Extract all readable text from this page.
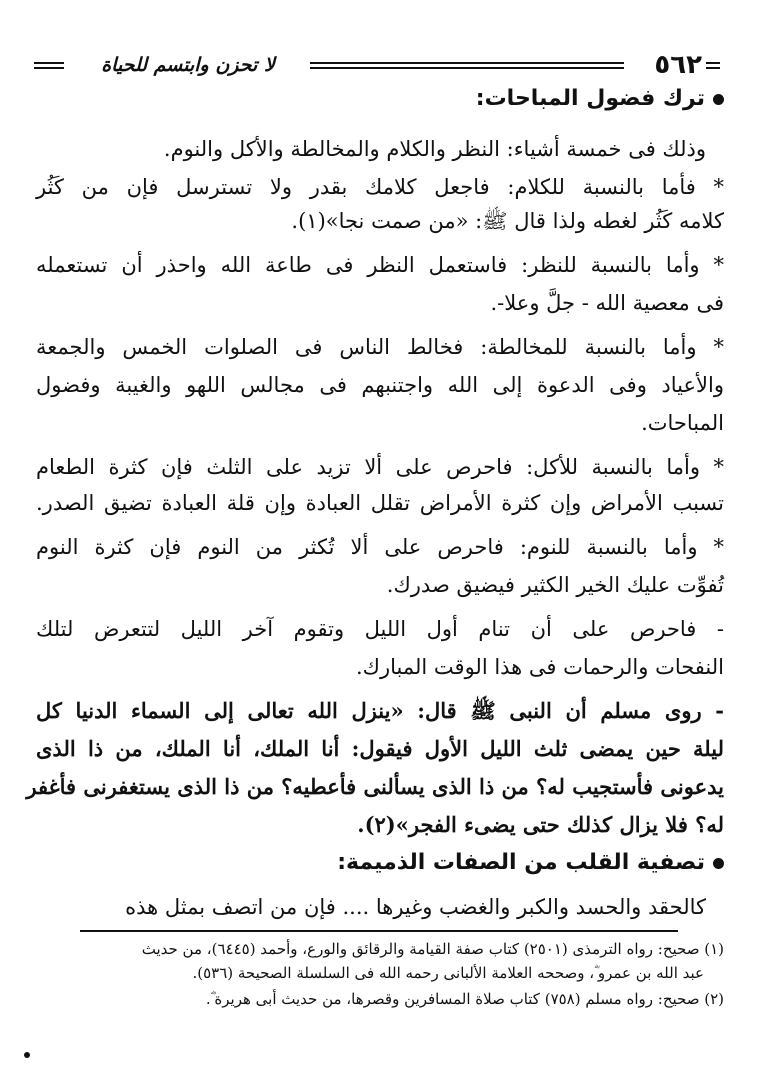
٥٦٢
لا تحزن وابتسم للحياة
ترك فضول المباحات:
وذلك فى خمسة أشياء: النظر والكلام والمخالطة والأكل والنوم.
* فأما بالنسبة للكلام: فاجعل كلامك بقدر ولا تسترسل فإن من كَثُر
كلامه كَثُر لغطه ولذا قال ﷺ: «من صمت نجا»(١).
* وأما بالنسبة للنظر: فاستعمل النظر فى طاعة الله واحذر أن تستعمله
فى معصية الله - جلَّ وعلا-.
* وأما بالنسبة للمخالطة: فخالط الناس فى الصلوات الخمس والجمعة
والأعياد وفى الدعوة إلى الله واجتنبهم فى مجالس اللهو والغيبة وفضول
المباحات.
* وأما بالنسبة للأكل: فاحرص على ألا تزيد على الثلث فإن كثرة الطعام
تسبب الأمراض وإن كثرة الأمراض تقلل العبادة وإن قلة العبادة تضيق الصدر.
* وأما بالنسبة للنوم: فاحرص على ألا تُكثر من النوم فإن كثرة النوم
تُفوِّت عليك الخير الكثير فيضيق صدرك.
- فاحرص على أن تنام أول الليل وتقوم آخر الليل لتتعرض لتلك
النفحات والرحمات فى هذا الوقت المبارك.
- روى مسلم أن النبى ﷺ قال: «ينزل الله تعالى إلى السماء الدنيا كل
ليلة حين يمضى ثلث الليل الأول فيقول: أنا الملك، أنا الملك، من ذا الذى
يدعونى فأستجيب له؟ من ذا الذى يسألنى فأعطيه؟ من ذا الذى يستغفرنى فأغفر
له؟ فلا يزال كذلك حتى يضىء الفجر»(٢).
تصفية القلب من الصفات الذميمة:
كالحقد والحسد والكبر والغضب وغيرها .... فإن من اتصف بمثل هذه
(١) صحيح: رواه الترمذى (٢٥٠١) كتاب صفة القيامة والرقائق والورع، وأحمد (٦٤٤٥)، من حديث
عبد الله بن عمرو ؓ، وصححه العلامة الألبانى رحمه الله فى السلسلة الصحيحة (٥٣٦).
(٢) صحيح: رواه مسلم (٧٥٨) كتاب صلاة المسافرين وقصرها، من حديث أبى هريرة ؓ.
